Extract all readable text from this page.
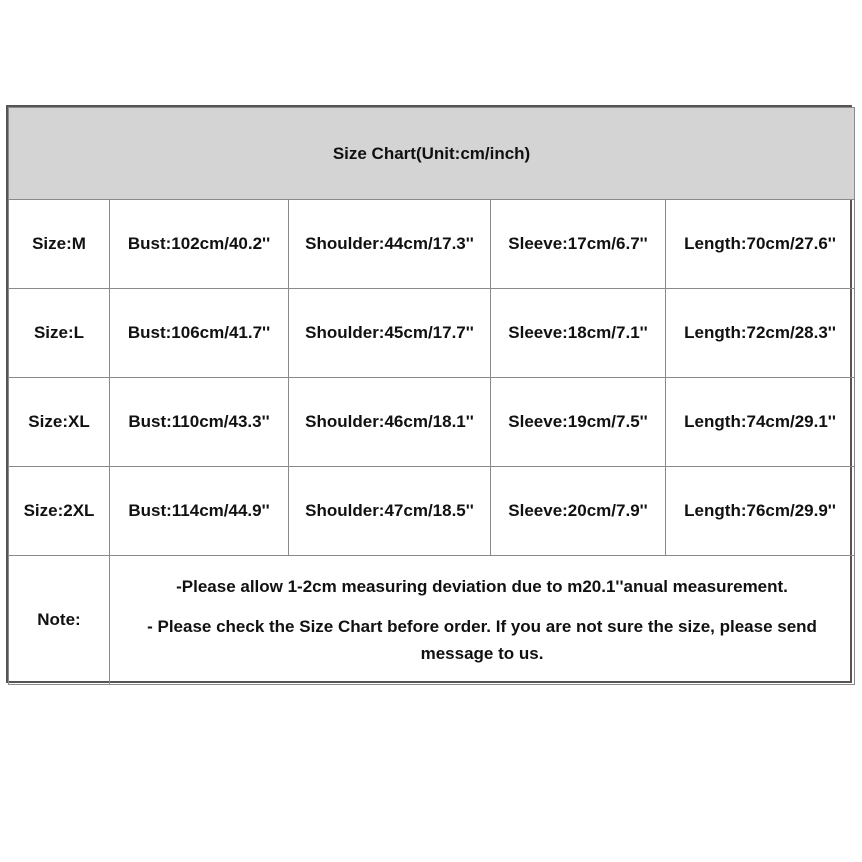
Size Chart(Unit:cm/inch)				
Size:M	Bust:102cm/40.2''	Shoulder:44cm/17.3''	Sleeve:17cm/6.7''	Length:70cm/27.6''
Size:L	Bust:106cm/41.7''	Shoulder:45cm/17.7''	Sleeve:18cm/7.1''	Length:72cm/28.3''
Size:XL	Bust:110cm/43.3''	Shoulder:46cm/18.1''	Sleeve:19cm/7.5''	Length:74cm/29.1''
Size:2XL	Bust:114cm/44.9''	Shoulder:47cm/18.5''	Sleeve:20cm/7.9''	Length:76cm/29.9''
Note:	-Please allow 1-2cm measuring deviation due to m20.1''anual measurement.
- Please check the Size Chart before order. If you are not sure the size, please send message to us.			
